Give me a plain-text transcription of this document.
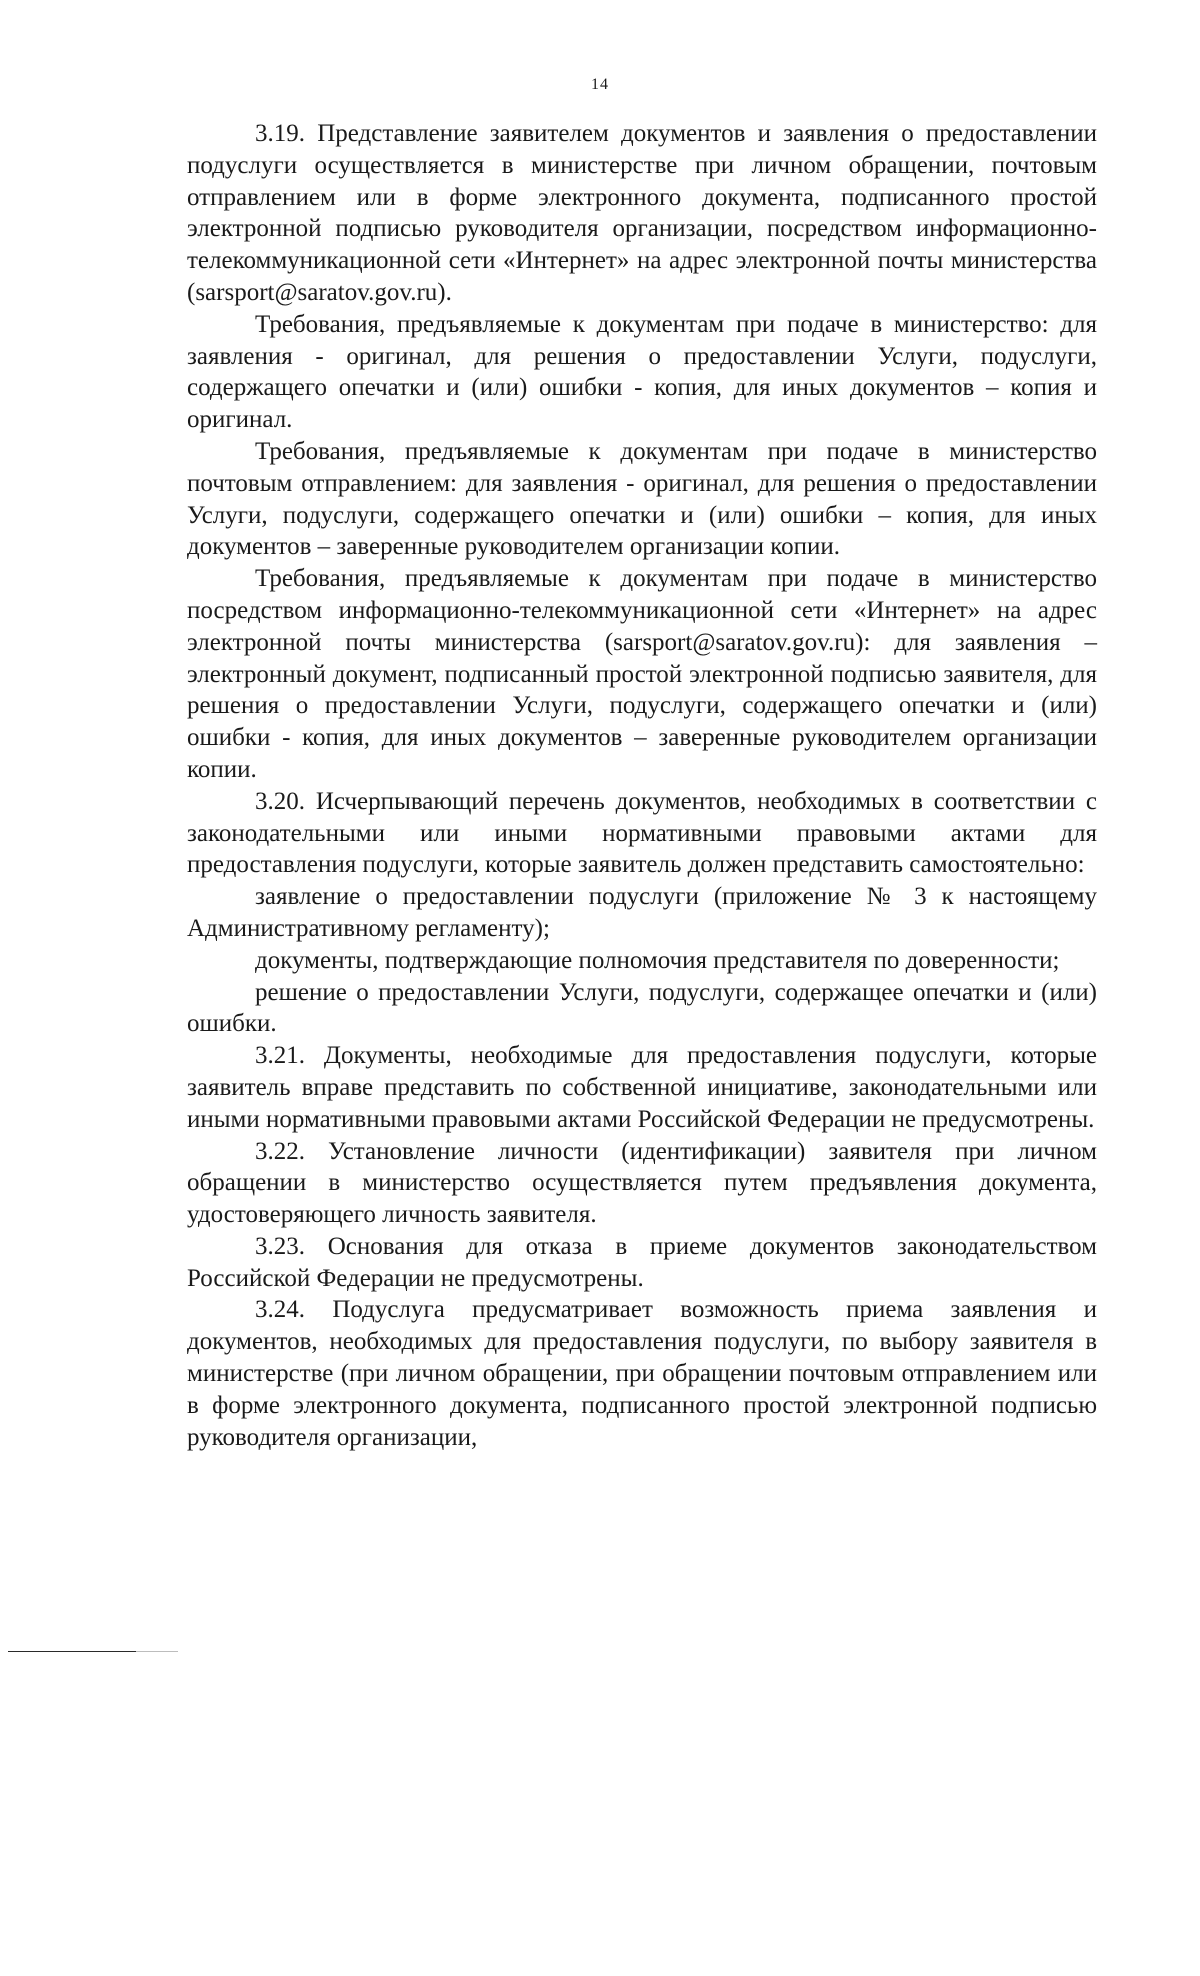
14

3.19. Представление заявителем документов и заявления о предоставлении подуслуги осуществляется в министерстве при личном обращении, почтовым отправлением или в форме электронного документа, подписанного простой электронной подписью руководителя организации, посредством информационно-телекоммуникационной сети «Интернет» на адрес электронной почты министерства (sarsport@saratov.gov.ru).

Требования, предъявляемые к документам при подаче в министерство: для заявления - оригинал, для решения о предоставлении Услуги, подуслуги, содержащего опечатки и (или) ошибки - копия, для иных документов – копия и оригинал.

Требования, предъявляемые к документам при подаче в министерство почтовым отправлением: для заявления - оригинал, для решения о предоставлении Услуги, подуслуги, содержащего опечатки и (или) ошибки – копия, для иных документов – заверенные руководителем организации копии.

Требования, предъявляемые к документам при подаче в министерство посредством информационно-телекоммуникационной сети «Интернет» на адрес электронной почты министерства (sarsport@saratov.gov.ru): для заявления – электронный документ, подписанный простой электронной подписью заявителя, для решения о предоставлении Услуги, подуслуги, содержащего опечатки и (или) ошибки - копия, для иных документов – заверенные руководителем организации копии.

3.20. Исчерпывающий перечень документов, необходимых в соответствии с законодательными или иными нормативными правовыми актами для предоставления подуслуги, которые заявитель должен представить самостоятельно:

заявление о предоставлении подуслуги (приложение № 3 к настоящему Административному регламенту);

документы, подтверждающие полномочия представителя по доверенности;

решение о предоставлении Услуги, подуслуги, содержащее опечатки и (или) ошибки.

3.21. Документы, необходимые для предоставления подуслуги, которые заявитель вправе представить по собственной инициативе, законодательными или иными нормативными правовыми актами Российской Федерации не предусмотрены.

3.22. Установление личности (идентификации) заявителя при личном обращении в министерство осуществляется путем предъявления документа, удостоверяющего личность заявителя.

3.23. Основания для отказа в приеме документов законодательством Российской Федерации не предусмотрены.

3.24. Подуслуга предусматривает возможность приема заявления и документов, необходимых для предоставления подуслуги, по выбору заявителя в министерстве (при личном обращении, при обращении почтовым отправлением или в форме электронного документа, подписанного простой электронной подписью руководителя организации,
